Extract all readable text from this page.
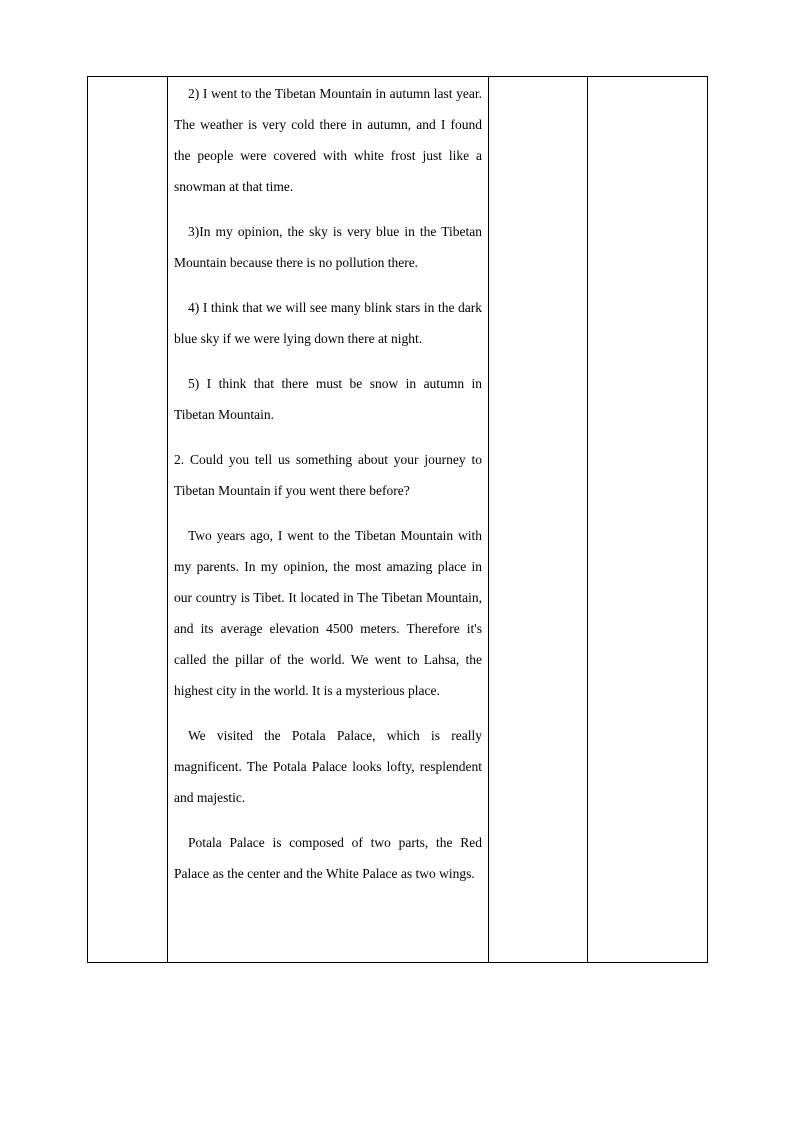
2) I went to the Tibetan Mountain in autumn last year. The weather is very cold there in autumn, and I found the people were covered with white frost just like a snowman at that time.

3)In my opinion, the sky is very blue in the Tibetan Mountain because there is no pollution there.

4) I think that we will see many blink stars in the dark blue sky if we were lying down there at night.

5) I think that there must be snow in autumn in Tibetan Mountain.

2. Could you tell us something about your journey to Tibetan Mountain if you went there before?

Two years ago, I went to the Tibetan Mountain with my parents. In my opinion, the most amazing place in our country is Tibet. It located in The Tibetan Mountain, and its average elevation 4500 meters. Therefore it's called the pillar of the world. We went to Lahsa, the highest city in the world. It is a mysterious place.

We visited the Potala Palace, which is really magnificent. The Potala Palace looks lofty, resplendent and majestic.

Potala Palace is composed of two parts, the Red Palace as the center and the White Palace as two wings.
